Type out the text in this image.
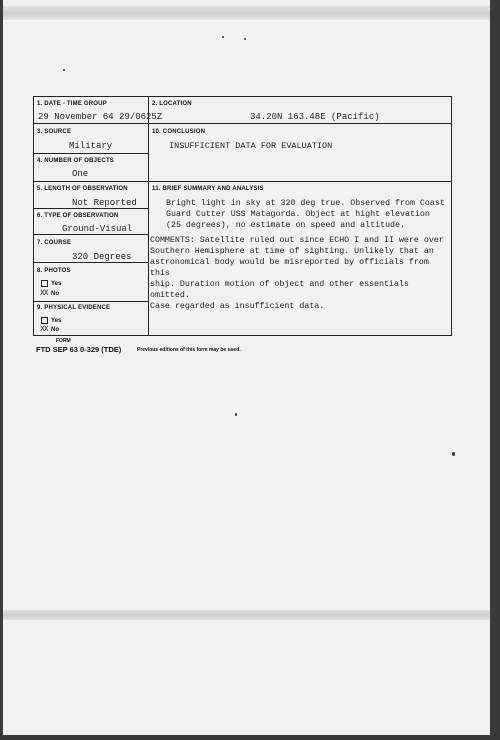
1. DATE - TIME GROUP
29 November 64 29/0625Z
2. LOCATION
34.20N 163.48E (Pacific)
3. SOURCE
Military
10. CONCLUSION
INSUFFICIENT DATA FOR EVALUATION
4. NUMBER OF OBJECTS
One
5. LENGTH OF OBSERVATION
Not Reported
11. BRIEF SUMMARY AND ANALYSIS
Bright light in sky at 320 deg true. Observed from Coast
Guard Cutter USS Matagorda. Object at hight elevation
(25 degrees), no estimate on speed and altitude.
6. TYPE OF OBSERVATION
Ground-Visual
COMMENTS: Satellite ruled out since ECHO I and II were over
Southern Hemisphere at time of sighting. Unlikely that an
astronomical body would be misreported by officials from this
ship. Duration motion of object and other essentials omitted.
Case regarded as insufficient data.
7. COURSE
320 Degrees
8. PHOTOS
Yes
XX No
9. PHYSICAL EVIDENCE
Yes
XX No
FORM
FTD SEP 63 0-329 (TDE)	Previous editions of this form may be used.
